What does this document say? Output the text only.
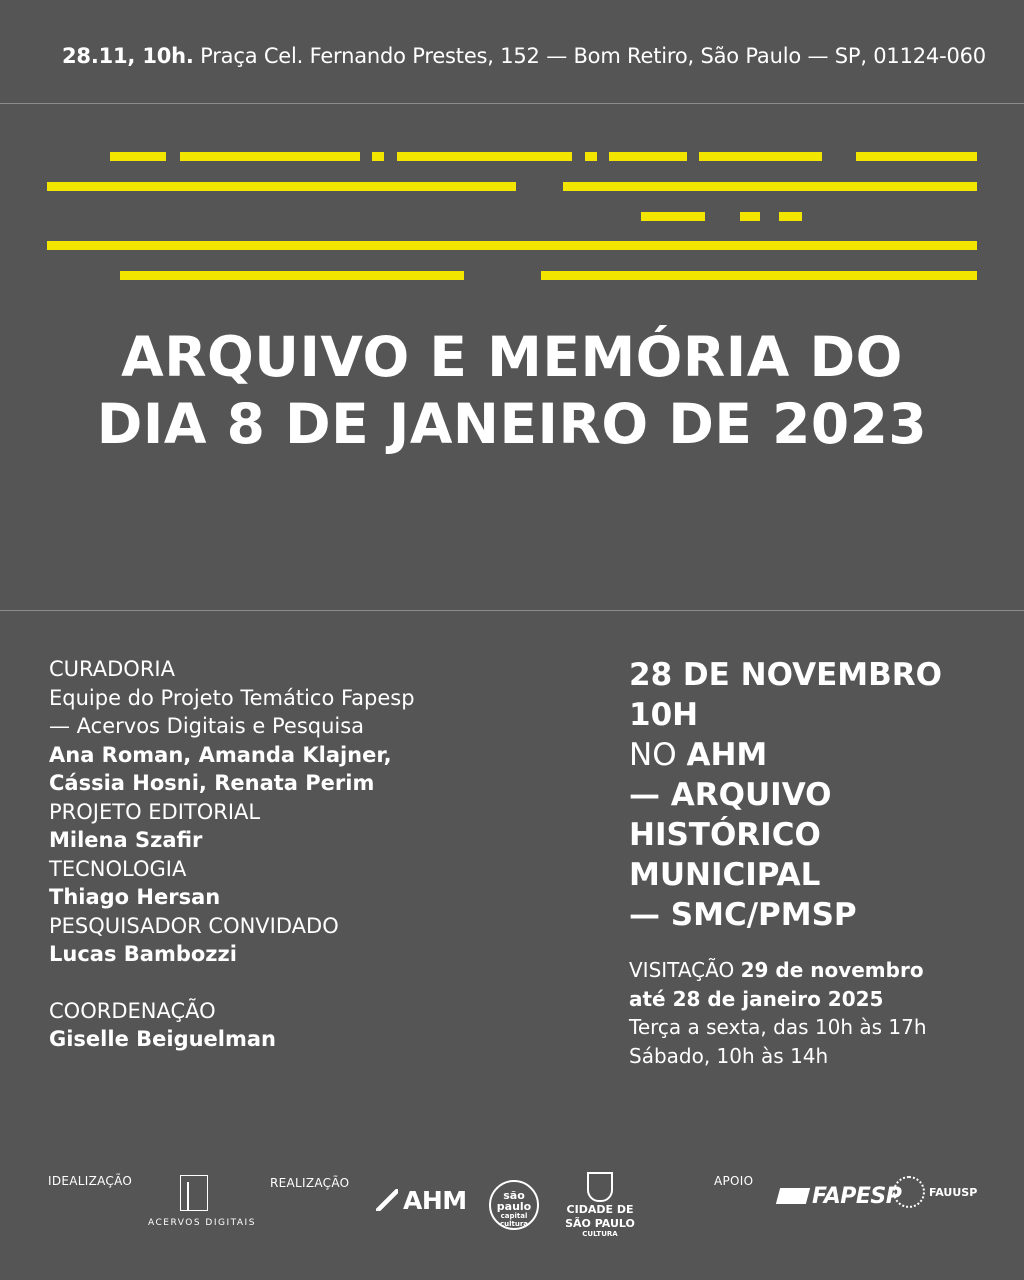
28.11, 10h. Praça Cel. Fernando Prestes, 152 — Bom Retiro, São Paulo — SP, 01124-060
ARQUIVO E MEMÓRIA DO
DIA 8 DE JANEIRO DE 2023
CURADORIA
Equipe do Projeto Temático Fapesp
— Acervos Digitais e Pesquisa
Ana Roman, Amanda Klajner,
Cássia Hosni, Renata Perim
PROJETO EDITORIAL
Milena Szafir
TECNOLOGIA
Thiago Hersan
PESQUISADOR CONVIDADO
Lucas Bambozzi
COORDENAÇÃO
Giselle Beiguelman
28 DE NOVEMBRO
10H
NO AHM
— ARQUIVO
HISTÓRICO
MUNICIPAL
— SMC/PMSP
VISITAÇÃO 29 de novembro
até 28 de janeiro 2025
Terça a sexta, das 10h às 17h
Sábado, 10h às 14h
IDEALIZAÇÃO
ACERVOS DIGITAIS
REALIZAÇÃO
AHM	são
paulo
capital
cultura
CIDADE DE
SÃO PAULO
CULTURA
APOIO
FAPESP	FAUUSP
